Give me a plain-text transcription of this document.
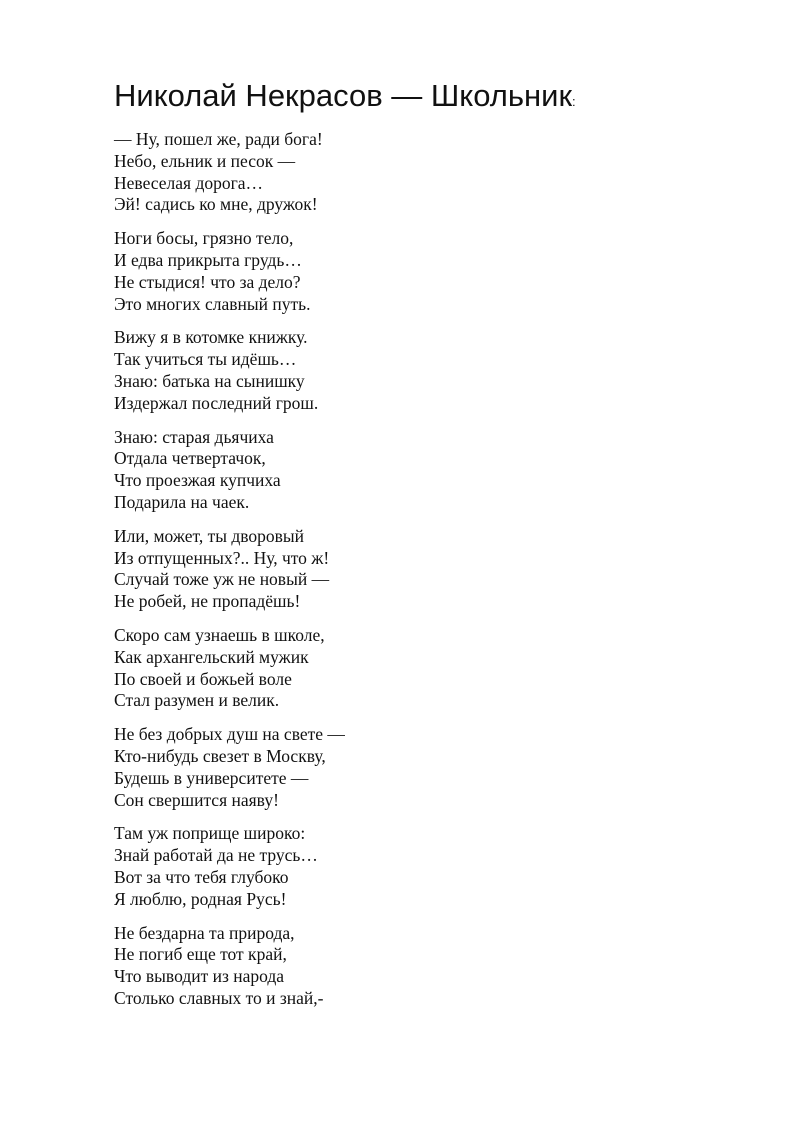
Николай Некрасов — Школьник:
— Ну, пошел же, ради бога!
Небо, ельник и песок —
Невеселая дорога…
Эй! садись ко мне, дружок!
Ноги босы, грязно тело,
И едва прикрыта грудь…
Не стыдися! что за дело?
Это многих славный путь.
Вижу я в котомке книжку.
Так учиться ты идёшь…
Знаю: батька на сынишку
Издержал последний грош.
Знаю: старая дьячиха
Отдала четвертачок,
Что проезжая купчиха
Подарила на чаек.
Или, может, ты дворовый
Из отпущенных?.. Ну, что ж!
Случай тоже уж не новый —
Не робей, не пропадёшь!
Скоро сам узнаешь в школе,
Как архангельский мужик
По своей и божьей воле
Стал разумен и велик.
Не без добрых душ на свете —
Кто-нибудь свезет в Москву,
Будешь в университете —
Сон свершится наяву!
Там уж поприще широко:
Знай работай да не трусь…
Вот за что тебя глубоко
Я люблю, родная Русь!
Не бездарна та природа,
Не погиб еще тот край,
Что выводит из народа
Столько славных то и знай,-
